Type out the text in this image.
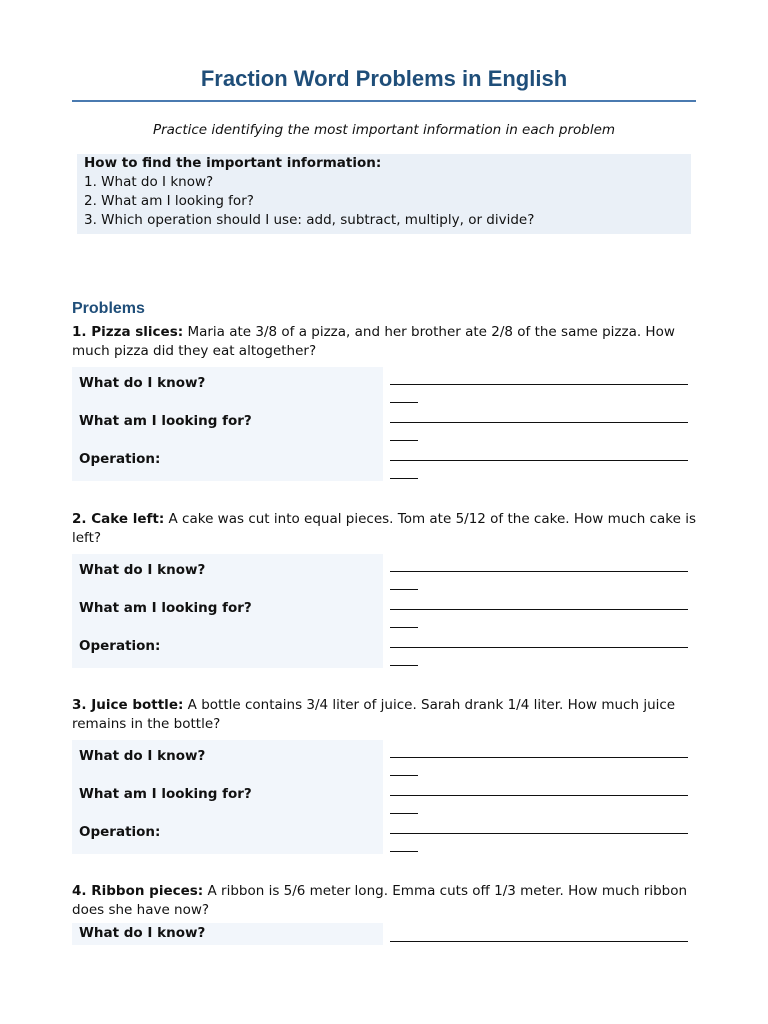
Fraction Word Problems in English
Practice identifying the most important information in each problem
How to find the important information:
1. What do I know?
2. What am I looking for?
3. Which operation should I use: add, subtract, multiply, or divide?
Problems

1. Pizza slices: Maria ate 3/8 of a pizza, and her brother ate 2/8 of the same pizza. How much pizza did they eat altogether?

What do I know?
What am I looking for?
Operation:

2. Cake left: A cake was cut into equal pieces. Tom ate 5/12 of the cake. How much cake is left?

What do I know?
What am I looking for?
Operation:

3. Juice bottle: A bottle contains 3/4 liter of juice. Sarah drank 1/4 liter. How much juice remains in the bottle?

What do I know?
What am I looking for?
Operation:

4. Ribbon pieces: A ribbon is 5/6 meter long. Emma cuts off 1/3 meter. How much ribbon does she have now?

What do I know?
